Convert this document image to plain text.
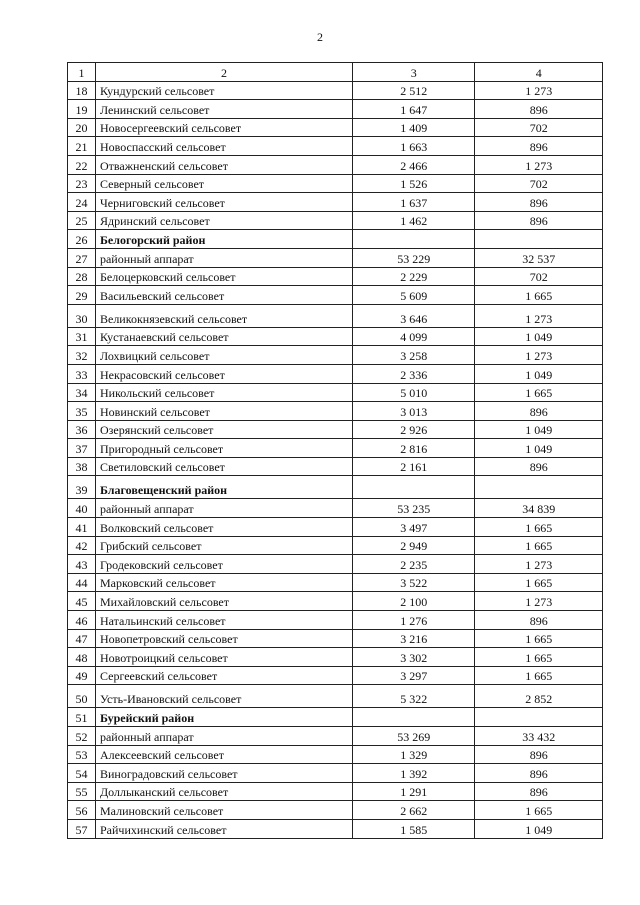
2
1	2	3	4
18	Кундурский сельсовет	2 512	1 273
19	Ленинский сельсовет	1 647	896
20	Новосергеевский сельсовет	1 409	702
21	Новоспасский сельсовет	1 663	896
22	Отважненский сельсовет	2 466	1 273
23	Северный сельсовет	1 526	702
24	Черниговский сельсовет	1 637	896
25	Ядринский сельсовет	1 462	896
26	Белогорский район		
27	районный аппарат	53 229	32 537
28	Белоцерковский сельсовет	2 229	702
29	Васильевский сельсовет	5 609	1 665
30	Великокнязевский сельсовет	3 646	1 273
31	Кустанаевский сельсовет	4 099	1 049
32	Лохвицкий сельсовет	3 258	1 273
33	Некрасовский сельсовет	2 336	1 049
34	Никольский сельсовет	5 010	1 665
35	Новинский сельсовет	3 013	896
36	Озерянский сельсовет	2 926	1 049
37	Пригородный сельсовет	2 816	1 049
38	Светиловский сельсовет	2 161	896
39	Благовещенский район		
40	районный аппарат	53 235	34 839
41	Волковский сельсовет	3 497	1 665
42	Грибский сельсовет	2 949	1 665
43	Гродековский сельсовет	2 235	1 273
44	Марковский сельсовет	3 522	1 665
45	Михайловский сельсовет	2 100	1 273
46	Натальинский сельсовет	1 276	896
47	Новопетровский сельсовет	3 216	1 665
48	Новотроицкий сельсовет	3 302	1 665
49	Сергеевский сельсовет	3 297	1 665
50	Усть-Ивановский сельсовет	5 322	2 852
51	Бурейский район		
52	районный аппарат	53 269	33 432
53	Алексеевский сельсовет	1 329	896
54	Виноградовский сельсовет	1 392	896
55	Доллыканский сельсовет	1 291	896
56	Малиновский сельсовет	2 662	1 665
57	Райчихинский сельсовет	1 585	1 049
